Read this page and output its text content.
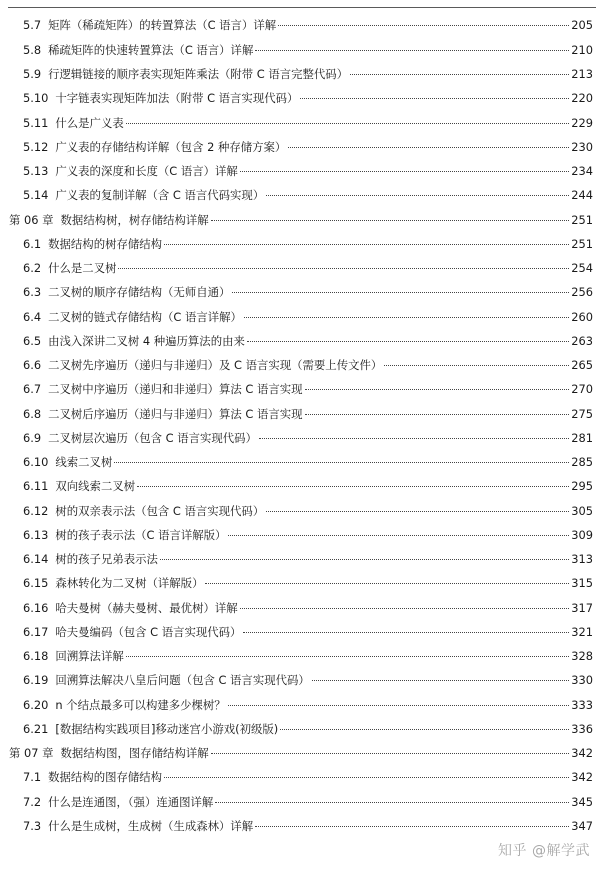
5.7 矩阵（稀疏矩阵）的转置算法（C 语言）详解	205
5.8 稀疏矩阵的快速转置算法（C 语言）详解	210
5.9 行逻辑链接的顺序表实现矩阵乘法（附带 C 语言完整代码）	213
5.10 十字链表实现矩阵加法（附带 C 语言实现代码）	220
5.11 什么是广义表	229
5.12 广义表的存储结构详解（包含 2 种存储方案）	230
5.13 广义表的深度和长度（C 语言）详解	234
5.14 广义表的复制详解（含 C 语言代码实现）	244
第 06 章 数据结构树，树存储结构详解	251
6.1 数据结构的树存储结构	251
6.2 什么是二叉树	254
6.3 二叉树的顺序存储结构（无师自通）	256
6.4 二叉树的链式存储结构（C 语言详解）	260
6.5 由浅入深讲二叉树 4 种遍历算法的由来	263
6.6 二叉树先序遍历（递归与非递归）及 C 语言实现（需要上传文件）	265
6.7 二叉树中序遍历（递归和非递归）算法 C 语言实现	270
6.8 二叉树后序遍历（递归与非递归）算法 C 语言实现	275
6.9 二叉树层次遍历（包含 C 语言实现代码）	281
6.10 线索二叉树	285
6.11 双向线索二叉树	295
6.12 树的双亲表示法（包含 C 语言实现代码）	305
6.13 树的孩子表示法（C 语言详解版）	309
6.14 树的孩子兄弟表示法	313
6.15 森林转化为二叉树（详解版）	315
6.16 哈夫曼树（赫夫曼树、最优树）详解	317
6.17 哈夫曼编码（包含 C 语言实现代码）	321
6.18 回溯算法详解	328
6.19 回溯算法解决八皇后问题（包含 C 语言实现代码）	330
6.20 n 个结点最多可以构建多少棵树？	333
6.21 [数据结构实践项目]移动迷宫小游戏(初级版)	336
第 07 章 数据结构图，图存储结构详解	342
7.1 数据结构的图存储结构	342
7.2 什么是连通图，（强）连通图详解	345
7.3 什么是生成树，生成树（生成森林）详解	347
知乎 @解学武
